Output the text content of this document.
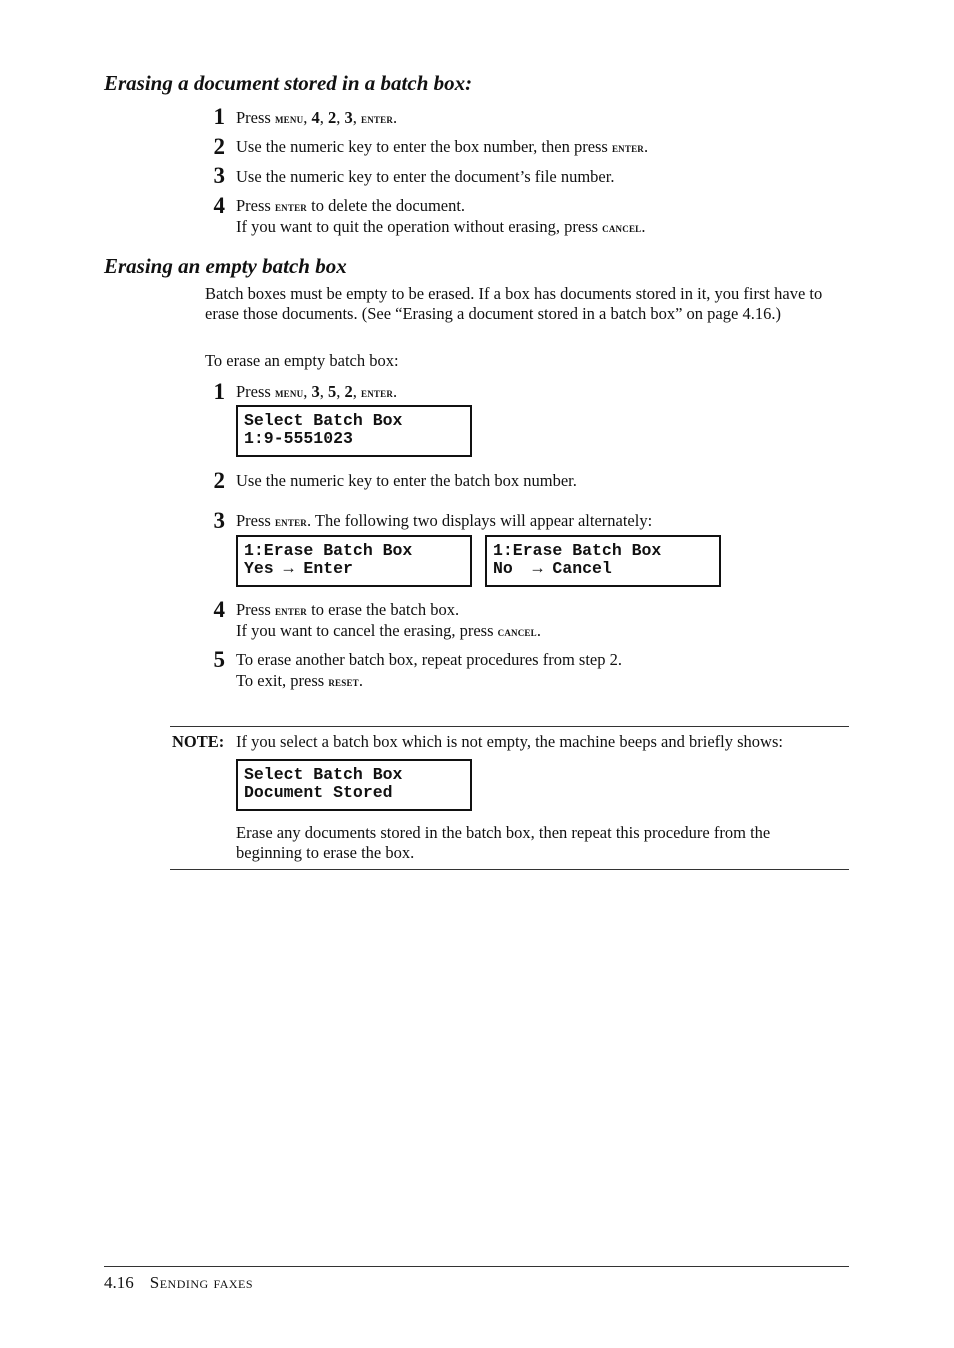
Erasing a document stored in a batch box:
1 Press menu, 4, 2, 3, enter.
2 Use the numeric key to enter the box number, then press enter.
3 Use the numeric key to enter the document’s file number.
4 Press enter to delete the document.
If you want to quit the operation without erasing, press cancel.
Erasing an empty batch box
Batch boxes must be empty to be erased. If a box has documents stored in it, you first have to erase those documents. (See “Erasing a document stored in a batch box” on page 4.16.)
To erase an empty batch box:
1 Press menu, 3, 5, 2, enter.
Select Batch Box
1:9-5551023
2 Use the numeric key to enter the batch box number.
3 Press enter. The following two displays will appear alternately:
1:Erase Batch Box
Yes → Enter
1:Erase Batch Box
No  → Cancel
4 Press enter to erase the batch box.
If you want to cancel the erasing, press cancel.
5 To erase another batch box, repeat procedures from step 2.
To exit, press reset.
NOTE: If you select a batch box which is not empty, the machine beeps and briefly shows:
Select Batch Box
Document Stored
Erase any documents stored in the batch box, then repeat this procedure from the beginning to erase the box.
4.16 Sending faxes
